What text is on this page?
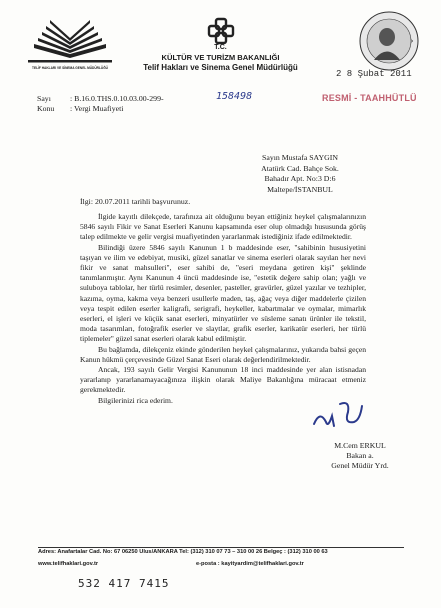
TELİF HAKLARI VE SİNEMA GENEL MÜDÜRLÜĞÜ
T.C.
KÜLTÜR VE TURİZM BAKANLIĞI
Telif Hakları ve Sinema Genel Müdürlüğü
2 8 Şubat 2011
RESMİ - TAAHHÜTLÜ
Sayı : B.16.0.THS.0.10.03.00-299-	158498
Konu : Vergi Muafiyeti
Sayın Mustafa SAYGIN
Atatürk Cad. Bahçe Sok.
Bahadır Apt. No:3 D:6
Maltepe/İSTANBUL
İlgi: 20.07.2011 tarihli başvurunuz.

İlgide kayıtlı dilekçede, tarafınıza ait olduğunu beyan ettiğiniz heykel çalışmalarınızın 5846 sayılı Fikir ve Sanat Eserleri Kanunu kapsamında eser olup olmadığı hususunda görüş talep edilmekte ve gelir vergisi muafiyetinden yararlanmak istediğiniz ifade edilmektedir.

Bilindiği üzere 5846 sayılı Kanunun 1 b maddesinde eser, "sahibinin hususiyetini taşıyan ve ilim ve edebiyat, musiki, güzel sanatlar ve sinema eserleri olarak sayılan her nevi fikir ve sanat mahsulleri", eser sahibi de, "eseri meydana getiren kişi" şeklinde tanımlanmıştır. Aynı Kanunun 4 üncü maddesinde ise, "estetik değere sahip olan; yağlı ve suluboya tablolar, her türlü resimler, desenler, pasteller, gravürler, güzel yazılar ve tezhipler, kazıma, oyma, kakma veya benzeri usullerle maden, taş, ağaç veya diğer maddelerle çizilen veya tespit edilen eserler kaligrafi, serigrafi, heykeller, kabartmalar ve oymalar, mimarlık eserleri, el işleri ve küçük sanat eserleri, minyatürler ve süsleme sanatı ürünler ile tekstil, moda tasarımları, fotoğrafik eserler ve slaytlar, grafik eserler, karikatür eserleri, her türlü tiplemeler" güzel sanat eserleri olarak kabul edilmiştir.

Bu bağlamda, dilekçeniz ekinde gönderilen heykel çalışmalarınız, yukarıda bahsi geçen Kanun hükmü çerçevesinde Güzel Sanat Eseri olarak değerlendirilmektedir.

Ancak, 193 sayılı Gelir Vergisi Kanununun 18 inci maddesinde yer alan istisnadan yararlanıp yararlanamayacağınıza ilişkin olarak Maliye Bakanlığına müracaat etmeniz gerekmektedir.

Bilgilerinizi rica ederim.

M.Cem ERKUL
Bakan a.
Genel Müdür Yrd.
Adres: Anafartalar Cad. No: 67 06250 Ulus/ANKARA Tel: (312) 310 07 73 – 310 00 26 Belgeç : (312) 310 00 63
www.telifhaklari.gov.tr	e-posta : kayityardim@telifhaklari.gov.tr
532 417 7415
